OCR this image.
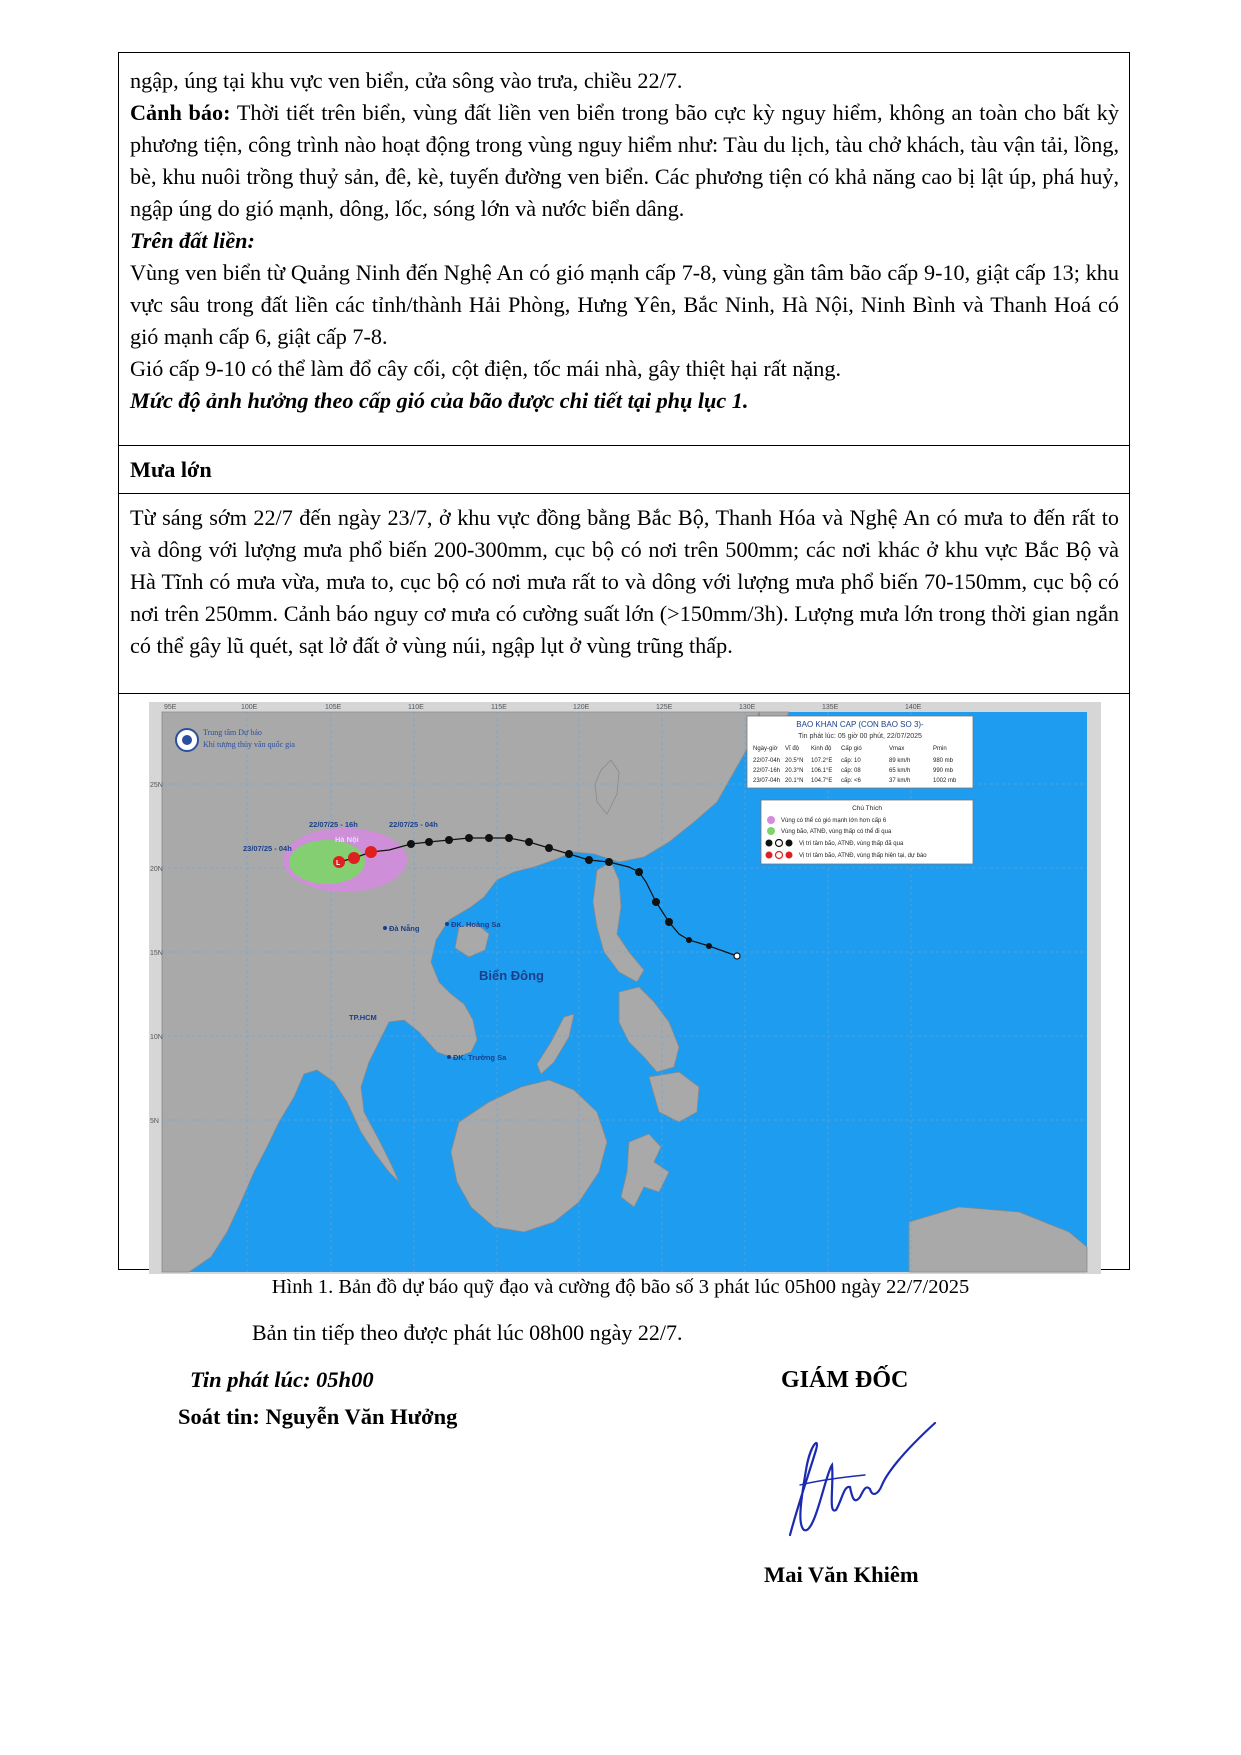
ngập, úng tại khu vực ven biển, cửa sông vào trưa, chiều 22/7.

Cảnh báo: Thời tiết trên biển, vùng đất liền ven biển trong bão cực kỳ nguy hiểm, không an toàn cho bất kỳ phương tiện, công trình nào hoạt động trong vùng nguy hiểm như: Tàu du lịch, tàu chở khách, tàu vận tải, lồng, bè, khu nuôi trồng thuỷ sản, đê, kè, tuyến đường ven biển. Các phương tiện có khả năng cao bị lật úp, phá huỷ, ngập úng do gió mạnh, dông, lốc, sóng lớn và nước biển dâng.

Trên đất liền:

Vùng ven biển từ Quảng Ninh đến Nghệ An có gió mạnh cấp 7-8, vùng gần tâm bão cấp 9-10, giật cấp 13; khu vực sâu trong đất liền các tỉnh/thành Hải Phòng, Hưng Yên, Bắc Ninh, Hà Nội, Ninh Bình và Thanh Hoá có gió mạnh cấp 6, giật cấp 7-8.

Gió cấp 9-10 có thể làm đổ cây cối, cột điện, tốc mái nhà, gây thiệt hại rất nặng.

Mức độ ảnh hưởng theo cấp gió của bão được chi tiết tại phụ lục 1.

Mưa lớn

Từ sáng sớm 22/7 đến ngày 23/7, ở khu vực đồng bằng Bắc Bộ, Thanh Hóa và Nghệ An có mưa to đến rất to và dông với lượng mưa phổ biến 200-300mm, cục bộ có nơi trên 500mm; các nơi khác ở khu vực Bắc Bộ và Hà Tĩnh có mưa vừa, mưa to, cục bộ có nơi mưa rất to và dông với lượng mưa phổ biến 70-150mm, cục bộ có nơi trên 250mm. Cảnh báo nguy cơ mưa có cường suất lớn (>150mm/3h). Lượng mưa lớn trong thời gian ngắn có thể gây lũ quét, sạt lở đất ở vùng núi, ngập lụt ở vùng trũng thấp.

95E	100E	105E	110E	115E	120E	125E	130E	135E	140E
25N
20N
15N
10N
5N
Trung tâm Dự báo
Khí tượng thủy văn quốc gia
BAO KHAN CAP (CON BAO SO 3)-
Tin phát lúc: 05 giờ 00 phút, 22/07/2025
Ngày-giờ Vĩ độ Kinh độ Cấp gió	Vmax	Pmin
22/07-04h 20.5°N 107.2°E cấp: 10	89 km/h	980 mb
22/07-16h 20.3°N 106.1°E cấp: 08	65 km/h	990 mb
23/07-04h 20.1°N 104.7°E cấp: <6	37 km/h	1002 mb
Chú Thích
Vùng có thể có gió mạnh lớn hơn cấp 6
Vùng bão, ATNĐ, vùng thấp có thể đi qua
Vị trí tâm bão, ATNĐ, vùng thấp đã qua
Vị trí tâm bão, ATNĐ, vùng thấp hiện tại, dự báo
L
22/07/25 - 16h	22/07/25 - 04h
23/07/25 - 04h
Hà Nội
Đà Nẵng	ĐK. Hoàng Sa
TP.HCM
ĐK. Trường Sa
Biển Đông
Hình 1. Bản đồ dự báo quỹ đạo và cường độ bão số 3 phát lúc 05h00 ngày 22/7/2025
Bản tin tiếp theo được phát lúc 08h00 ngày 22/7.
Tin phát lúc: 05h00
Soát tin: Nguyễn Văn Hưởng
GIÁM ĐỐC
Mai Văn Khiêm
